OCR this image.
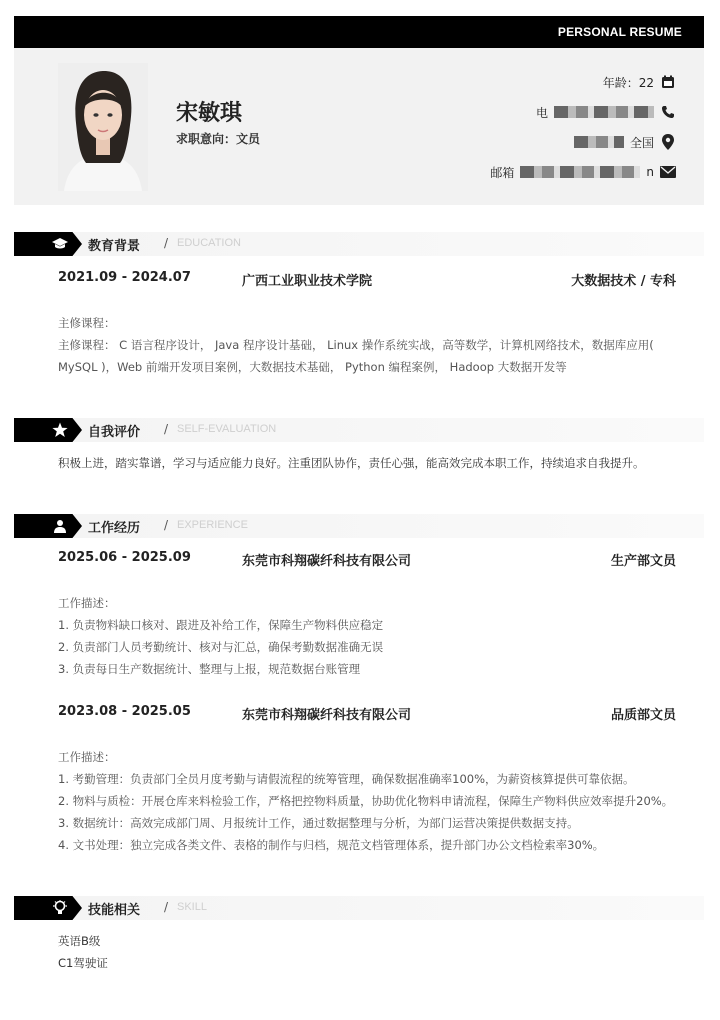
PERSONAL RESUME
宋敏琪
求职意向：文员
年龄：22
电
全国
邮箱	n
教育背景 / EDUCATION
2021.09 - 2024.07	广西工业职业技术学院	大数据技术 / 专科
主修课程：
主修课程： C 语言程序设计， Java 程序设计基础， Linux 操作系统实战，高等数学，计算机网络技术，数据库应用( MySQL )，Web 前端开发项目案例，大数据技术基础， Python 编程案例， Hadoop 大数据开发等
自我评价 / SELF-EVALUATION
积极上进，踏实靠谱，学习与适应能力良好。注重团队协作，责任心强，能高效完成本职工作，持续追求自我提升。
工作经历 / EXPERIENCE
2025.06 - 2025.09	东莞市科翔碳纤科技有限公司	生产部文员
工作描述：
1. 负责物料缺口核对、跟进及补给工作，保障生产物料供应稳定
2. 负责部门人员考勤统计、核对与汇总，确保考勤数据准确无误
3. 负责每日生产数据统计、整理与上报，规范数据台账管理
2023.08 - 2025.05	东莞市科翔碳纤科技有限公司	品质部文员
工作描述：
1. 考勤管理：负责部门全员月度考勤与请假流程的统筹管理，确保数据准确率100%，为薪资核算提供可靠依据。
2. 物料与质检：开展仓库来料检验工作，严格把控物料质量，协助优化物料申请流程，保障生产物料供应效率提升20%。
3. 数据统计：高效完成部门周、月报统计工作，通过数据整理与分析，为部门运营决策提供数据支持。
4. 文书处理：独立完成各类文件、表格的制作与归档，规范文档管理体系，提升部门办公文档检索率30%。
技能相关 / SKILL
英语B级
C1驾驶证
